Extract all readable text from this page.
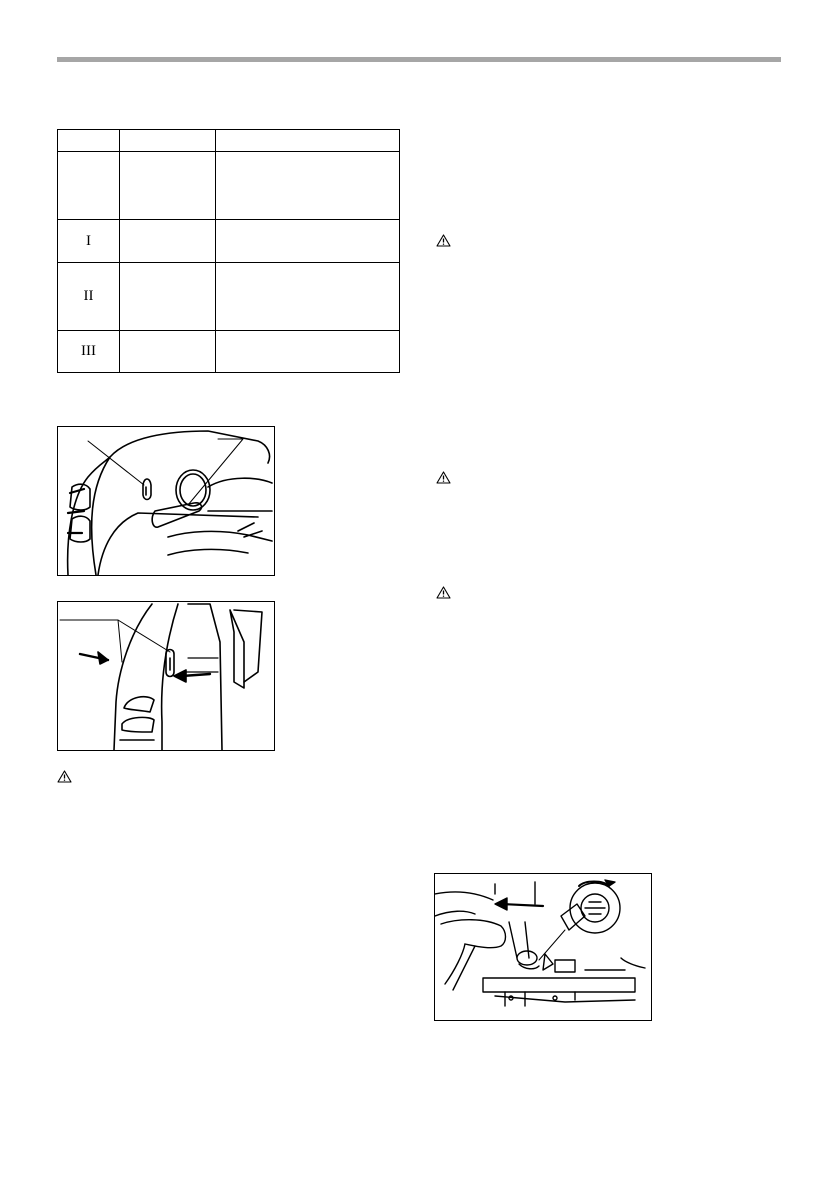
I		
II		
III		
